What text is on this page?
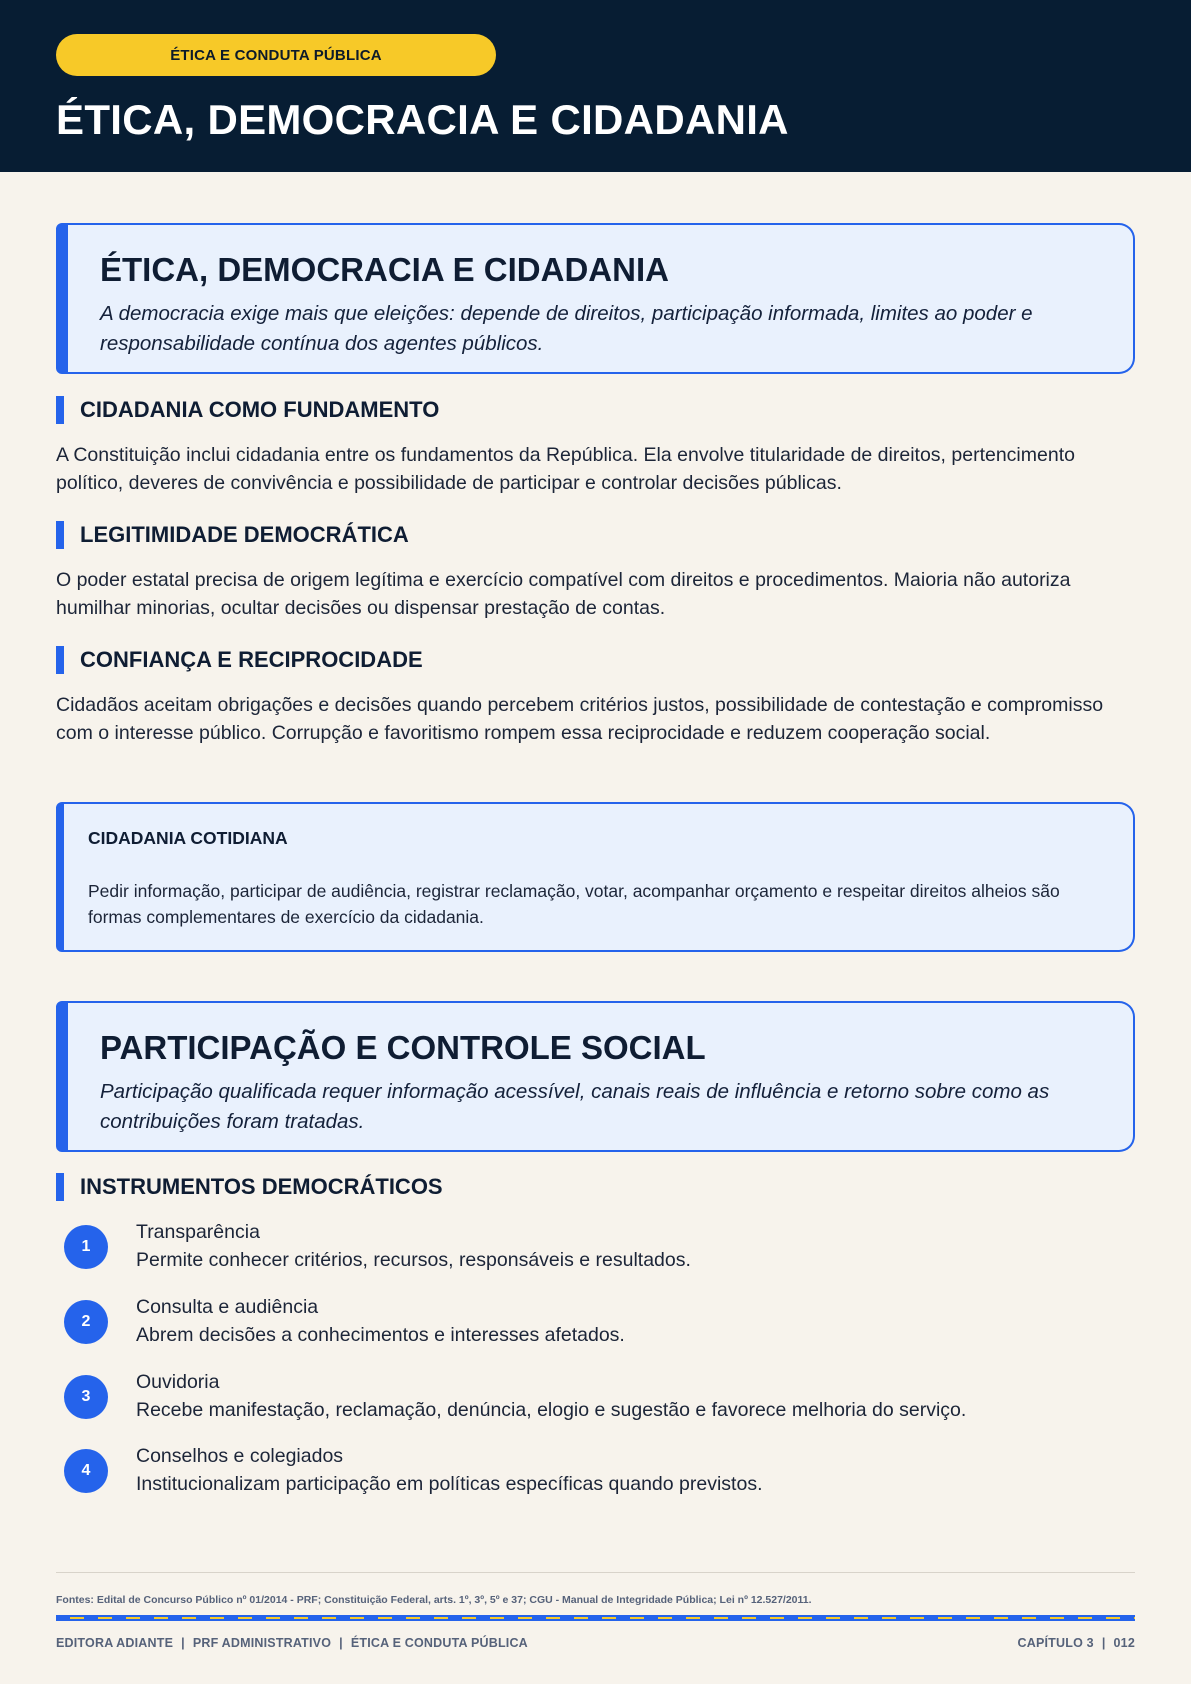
ÉTICA E CONDUTA PÚBLICA
ÉTICA, DEMOCRACIA E CIDADANIA
ÉTICA, DEMOCRACIA E CIDADANIA
A democracia exige mais que eleições: depende de direitos, participação informada, limites ao poder e responsabilidade contínua dos agentes públicos.
CIDADANIA COMO FUNDAMENTO
A Constituição inclui cidadania entre os fundamentos da República. Ela envolve titularidade de direitos, pertencimento político, deveres de convivência e possibilidade de participar e controlar decisões públicas.
LEGITIMIDADE DEMOCRÁTICA
O poder estatal precisa de origem legítima e exercício compatível com direitos e procedimentos. Maioria não autoriza humilhar minorias, ocultar decisões ou dispensar prestação de contas.
CONFIANÇA E RECIPROCIDADE
Cidadãos aceitam obrigações e decisões quando percebem critérios justos, possibilidade de contestação e compromisso com o interesse público. Corrupção e favoritismo rompem essa reciprocidade e reduzem cooperação social.
CIDADANIA COTIDIANA
Pedir informação, participar de audiência, registrar reclamação, votar, acompanhar orçamento e respeitar direitos alheios são formas complementares de exercício da cidadania.
PARTICIPAÇÃO E CONTROLE SOCIAL
Participação qualificada requer informação acessível, canais reais de influência e retorno sobre como as contribuições foram tratadas.
INSTRUMENTOS DEMOCRÁTICOS
1
Transparência
Permite conhecer critérios, recursos, responsáveis e resultados.
2
Consulta e audiência
Abrem decisões a conhecimentos e interesses afetados.
3
Ouvidoria
Recebe manifestação, reclamação, denúncia, elogio e sugestão e favorece melhoria do serviço.
4
Conselhos e colegiados
Institucionalizam participação em políticas específicas quando previstos.
Fontes: Edital de Concurso Público nº 01/2014 - PRF; Constituição Federal, arts. 1º, 3º, 5º e 37; CGU - Manual de Integridade Pública; Lei nº 12.527/2011.
EDITORA ADIANTE | PRF ADMINISTRATIVO | ÉTICA E CONDUTA PÚBLICA	CAPÍTULO 3 | 012
